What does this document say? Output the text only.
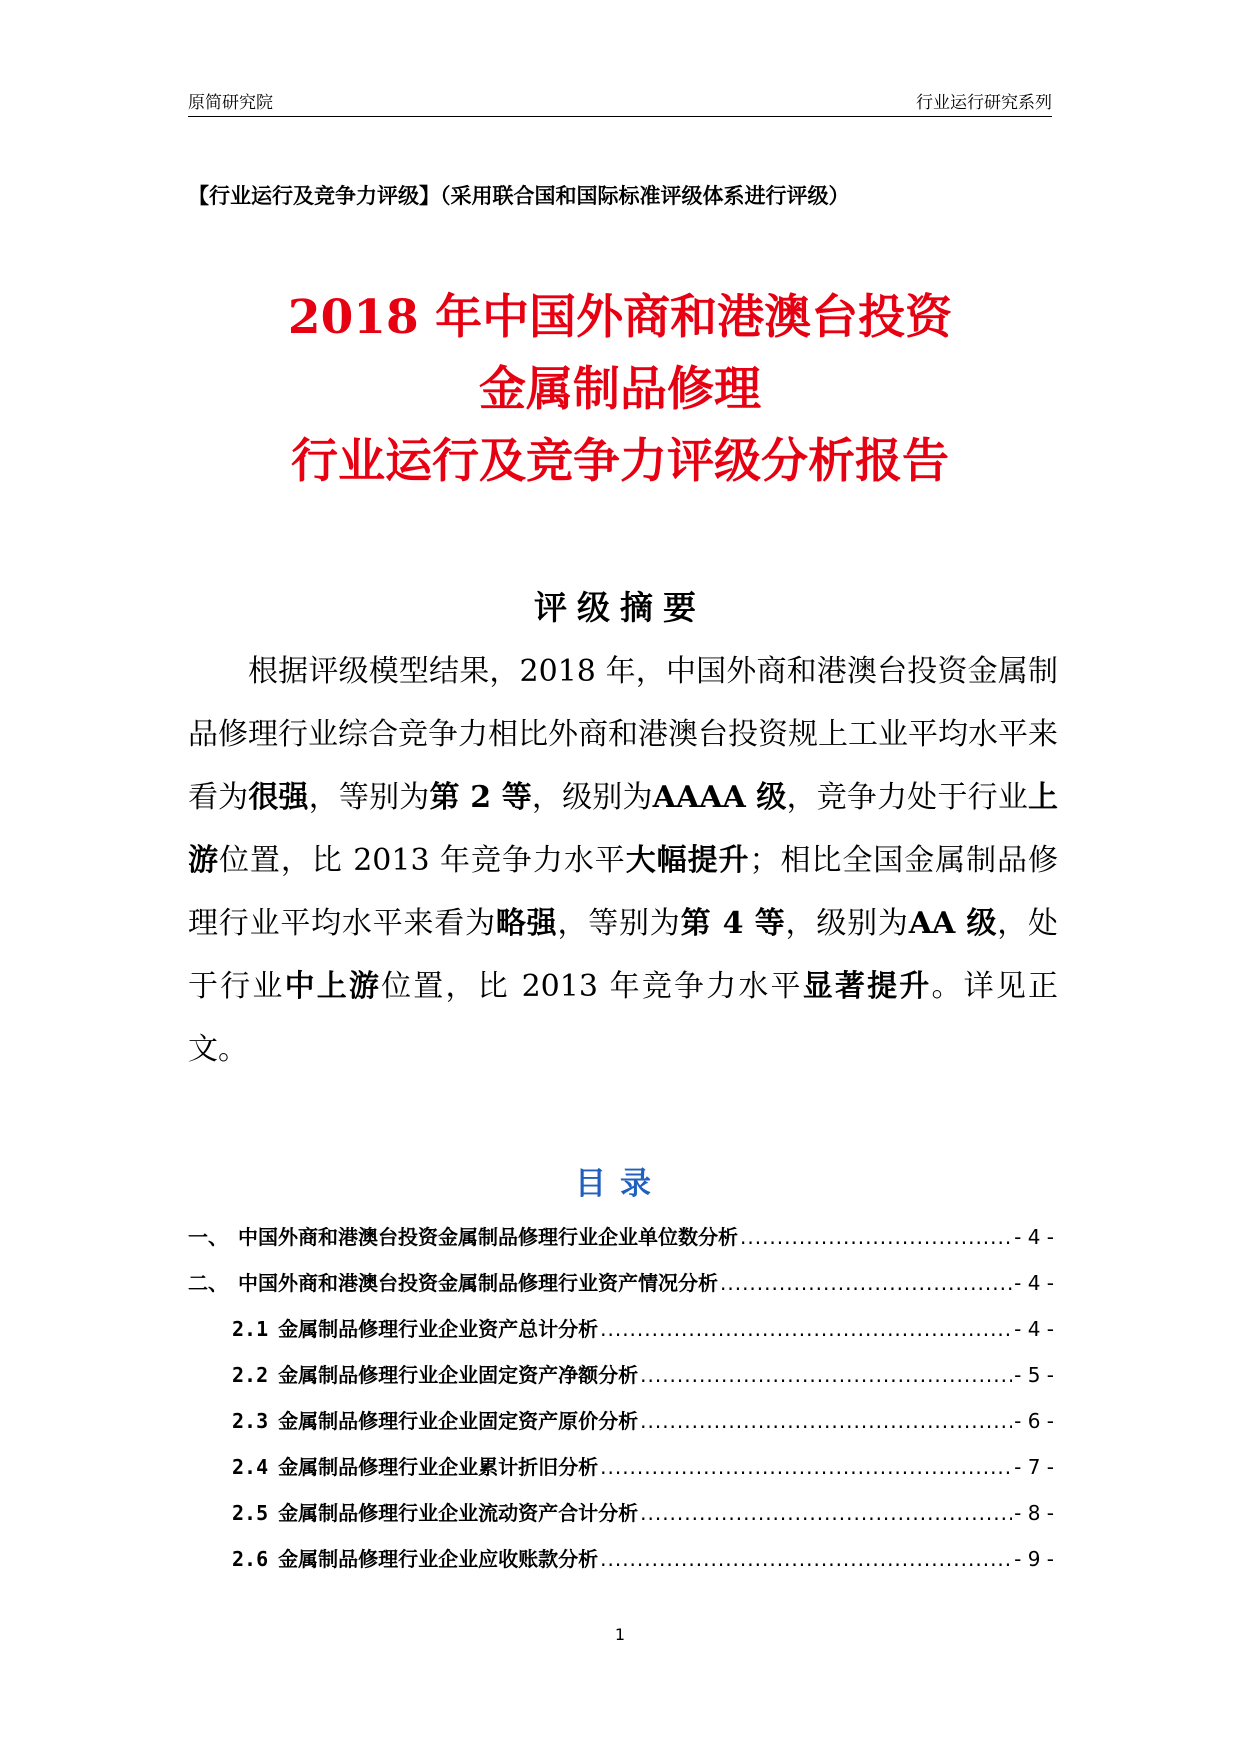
原简研究院	行业运行研究系列
【行业运行及竞争力评级】（采用联合国和国际标准评级体系进行评级）
2018 年中国外商和港澳台投资
金属制品修理
行业运行及竞争力评级分析报告
评级摘要

根据评级模型结果，2018 年，中国外商和港澳台投资金属制品修理行业综合竞争力相比外商和港澳台投资规上工业平均水平来看为很强，等别为第 2 等，级别为AAAA 级，竞争力处于行业上游位置，比 2013 年竞争力水平大幅提升；相比全国金属制品修理行业平均水平来看为略强，等别为第 4 等，级别为AA 级，处于行业中上游位置，比 2013 年竞争力水平显著提升。详见正文。

目录
一、 中国外商和港澳台投资金属制品修理行业企业单位数分析 .....	- 4 -
二、 中国外商和港澳台投资金属制品修理行业资产情况分析 .....	- 4 -
2.1 金属制品修理行业企业资产总计分析 .....	- 4 -
2.2 金属制品修理行业企业固定资产净额分析 .....	- 5 -
2.3 金属制品修理行业企业固定资产原价分析 .....	- 6 -
2.4 金属制品修理行业企业累计折旧分析 .....	- 7 -
2.5 金属制品修理行业企业流动资产合计分析 .....	- 8 -
2.6 金属制品修理行业企业应收账款分析 .....	- 9 -
1
